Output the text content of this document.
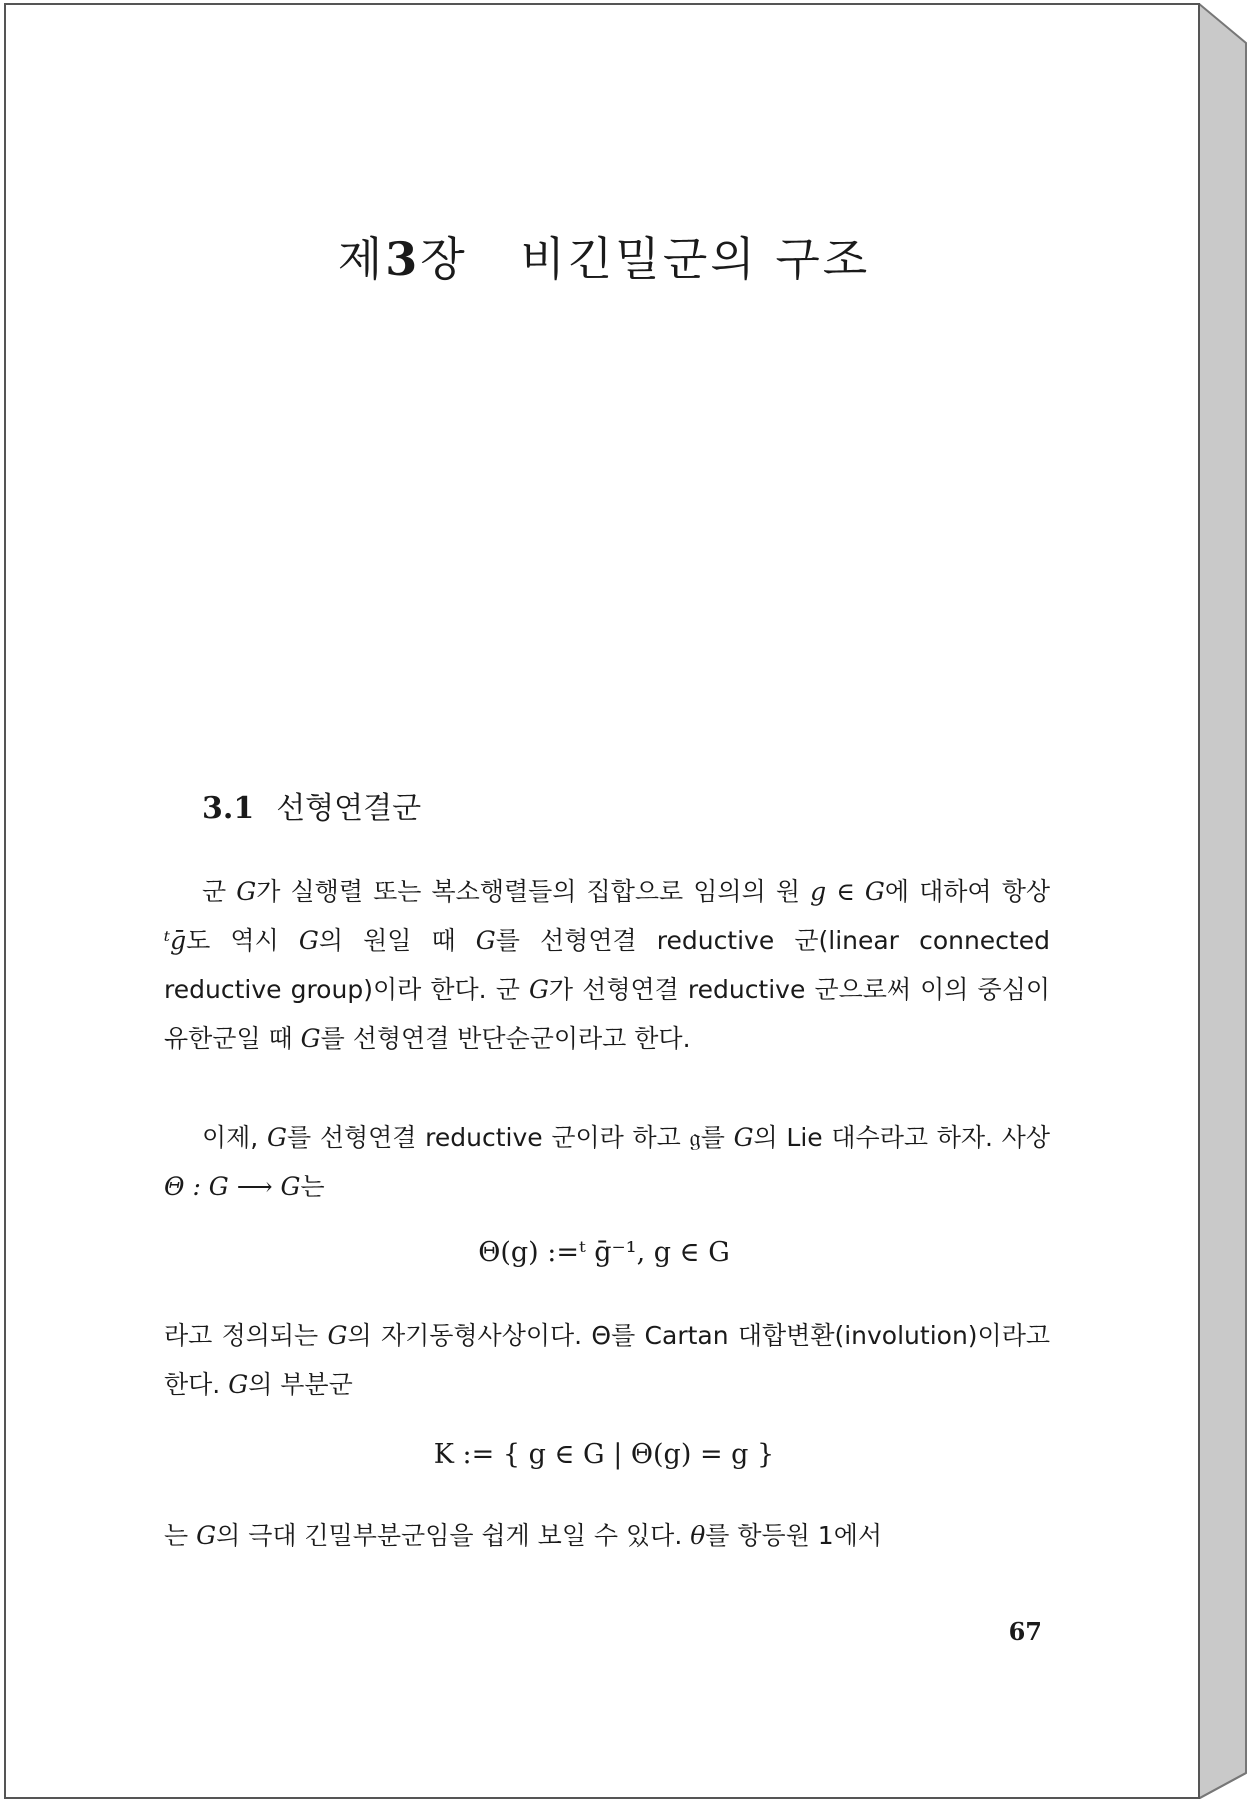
제3장 비긴밀군의 구조
3.1 선형연결군
군 G가 실행렬 또는 복소행렬들의 집합으로 임의의 원 g ∈ G에 대하여 항상 ᵗḡ도 역시 G의 원일 때 G를 선형연결 reductive 군(linear connected reductive group)이라 한다. 군 G가 선형연결 reductive 군으로써 이의 중심이 유한군일 때 G를 선형연결 반단순군이라고 한다.
이제, G를 선형연결 reductive 군이라 하고 𝔤를 G의 Lie 대수라고 하자. 사상 Θ : G ⟶ G는
Θ(g) :=ᵗ ḡ⁻¹, g ∈ G
라고 정의되는 G의 자기동형사상이다. Θ를 Cartan 대합변환(involution)이라고 한다. G의 부분군
K := { g ∈ G | Θ(g) = g }
는 G의 극대 긴밀부분군임을 쉽게 보일 수 있다. θ를 항등원 1에서
67
